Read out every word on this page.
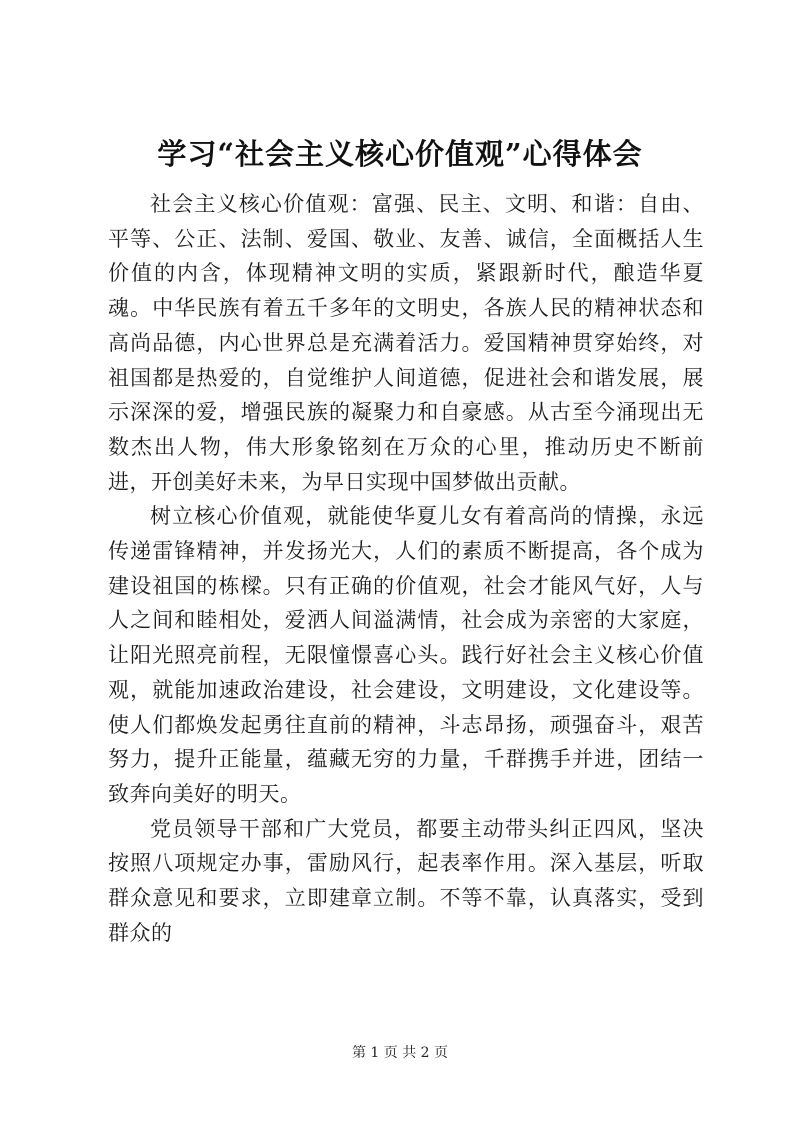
学习“社会主义核心价值观”心得体会

社会主义核心价值观：富强、民主、文明、和谐：自由、平等、公正、法制、爱国、敬业、友善、诚信，全面概括人生价值的内含，体现精神文明的实质，紧跟新时代，酿造华夏魂。中华民族有着五千多年的文明史，各族人民的精神状态和高尚品德，内心世界总是充满着活力。爱国精神贯穿始终，对祖国都是热爱的，自觉维护人间道德，促进社会和谐发展，展示深深的爱，增强民族的凝聚力和自豪感。从古至今涌现出无数杰出人物，伟大形象铭刻在万众的心里，推动历史不断前进，开创美好未来，为早日实现中国梦做出贡献。

树立核心价值观，就能使华夏儿女有着高尚的情操，永远传递雷锋精神，并发扬光大，人们的素质不断提高，各个成为建设祖国的栋樑。只有正确的价值观，社会才能风气好，人与人之间和睦相处，爱洒人间溢满情，社会成为亲密的大家庭，让阳光照亮前程，无限憧憬喜心头。践行好社会主义核心价值观，就能加速政治建设，社会建设，文明建设，文化建设等。使人们都焕发起勇往直前的精神，斗志昂扬，顽强奋斗，艰苦努力，提升正能量，蕴藏无穷的力量，千群携手并进，团结一致奔向美好的明天。

党员领导干部和广大党员，都要主动带头纠正四风，坚决按照八项规定办事，雷励风行，起表率作用。深入基层，听取群众意见和要求，立即建章立制。不等不靠，认真落实，受到群众的

第 1 页 共 2 页
